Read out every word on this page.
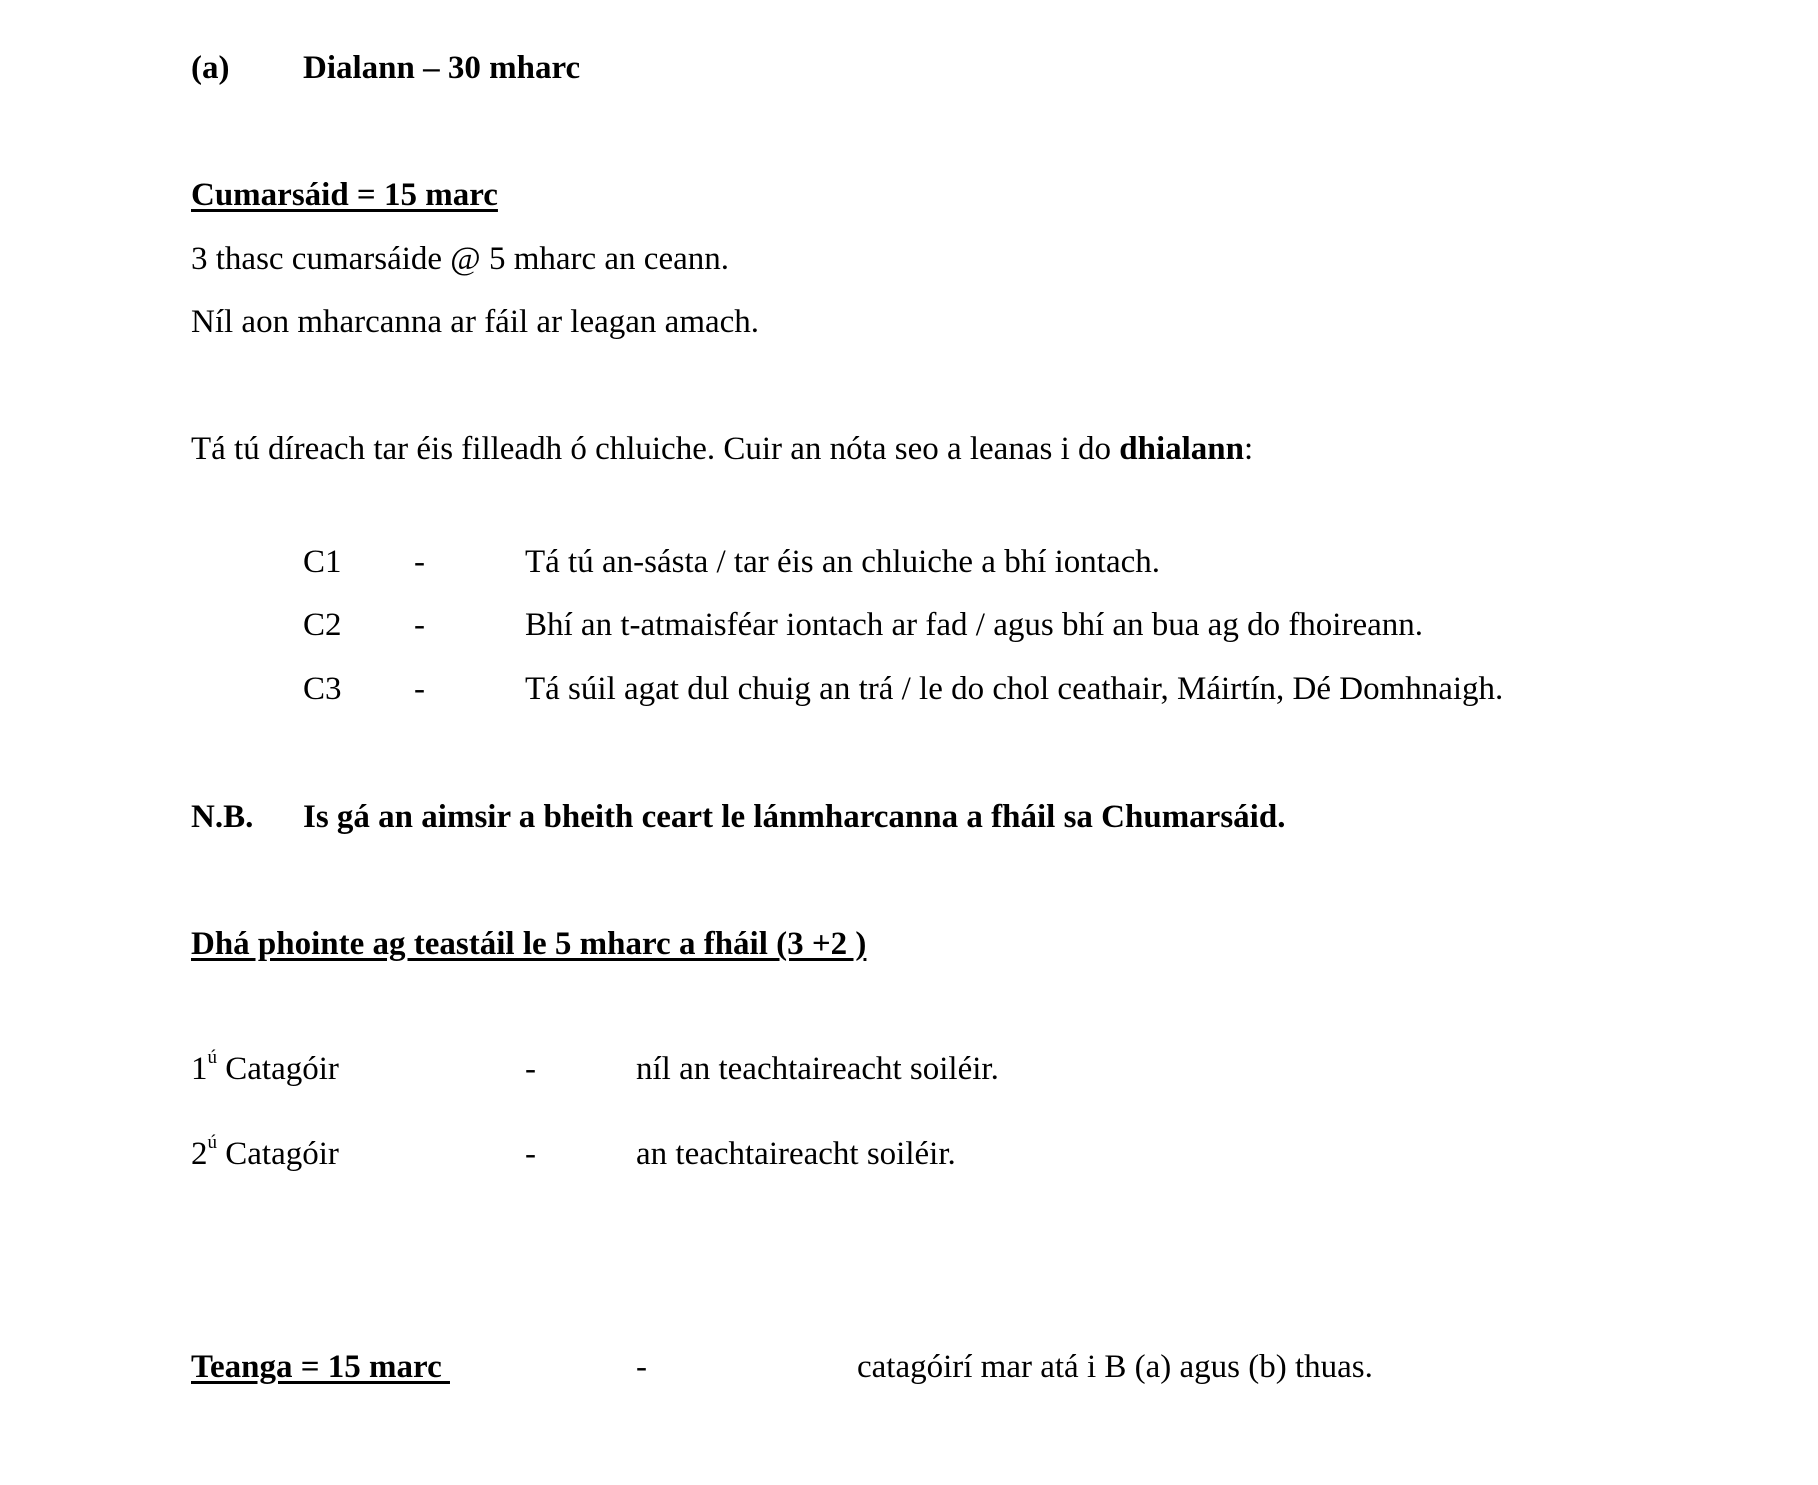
(a) Dialann – 30 mharc
Cumarsáid = 15 marc
3 thasc cumarsáide @ 5 mharc an ceann.
Níl aon mharcanna ar fáil ar leagan amach.
Tá tú díreach tar éis filleadh ó chluiche. Cuir an nóta seo a leanas i do dhialann:
C1 -	Tá tú an-sásta / tar éis an chluiche a bhí iontach.
C2 -	Bhí an t-atmaisféar iontach ar fad / agus bhí an bua ag do fhoireann.
C3 -	Tá súil agat dul chuig an trá / le do chol ceathair, Máirtín, Dé Domhnaigh.
N.B. Is gá an aimsir a bheith ceart le lánmharcanna a fháil sa Chumarsáid.
Dhá phointe ag teastáil le 5 mharc a fháil (3 +2 )
$1^ú$ Catagóir	-	níl an teachtaireacht soiléir.
$2^ú$ Catagóir	-	an teachtaireacht soiléir.
Teanga = 15 marc	-	catagóirí mar atá i B (a) agus (b) thuas.
